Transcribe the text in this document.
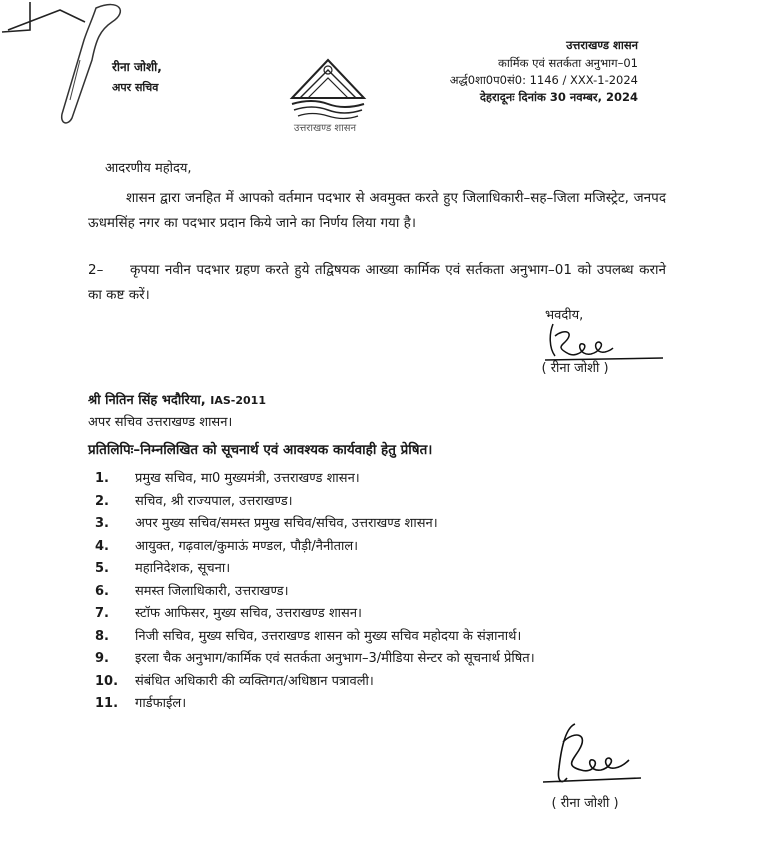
रीना जोशी,
अपर सचिव
उत्तराखण्ड शासन
उत्तराखण्ड शासन
कार्मिक एवं सतर्कता अनुभाग–01
अर्द्ध0शा0प0सं0: 1146 / XXX-1-2024
देहरादूनः दिनांक 30 नवम्बर, 2024
आदरणीय महोदय,
शासन द्वारा जनहित में आपको वर्तमान पदभार से अवमुक्त करते हुए जिलाधिकारी–सह–जिला मजिस्ट्रेट, जनपद ऊधमसिंह नगर का पदभार प्रदान किये जाने का निर्णय लिया गया है।
2– कृपया नवीन पदभार ग्रहण करते हुये तद्विषयक आख्या कार्मिक एवं सर्तकता अनुभाग–01 को उपलब्ध कराने का कष्ट करें।
भवदीय,
( रीना जोशी )
श्री नितिन सिंह भदौरिया, IAS-2011
अपर सचिव उत्तराखण्ड शासन।
प्रतिलिपिः–निम्नलिखित को सूचनार्थ एवं आवश्यक कार्यवाही हेतु प्रेषित।
1. प्रमुख सचिव, मा0 मुख्यमंत्री, उत्तराखण्ड शासन।
2. सचिव, श्री राज्यपाल, उत्तराखण्ड।
3. अपर मुख्य सचिव/समस्त प्रमुख सचिव/सचिव, उत्तराखण्ड शासन।
4. आयुक्त, गढ़वाल/कुमाऊं मण्डल, पौड़ी/नैनीताल।
5. महानिदेशक, सूचना।
6. समस्त जिलाधिकारी, उत्तराखण्ड।
7. स्टॉफ आफिसर, मुख्य सचिव, उत्तराखण्ड शासन।
8. निजी सचिव, मुख्य सचिव, उत्तराखण्ड शासन को मुख्य सचिव महोदया के संज्ञानार्थ।
9. इरला चैक अनुभाग/कार्मिक एवं सतर्कता अनुभाग–3/मीडिया सेन्टर को सूचनार्थ प्रेषित।
10. संबंधित अधिकारी की व्यक्तिगत/अधिष्ठान पत्रावली।
11. गार्डफाईल।
( रीना जोशी )
